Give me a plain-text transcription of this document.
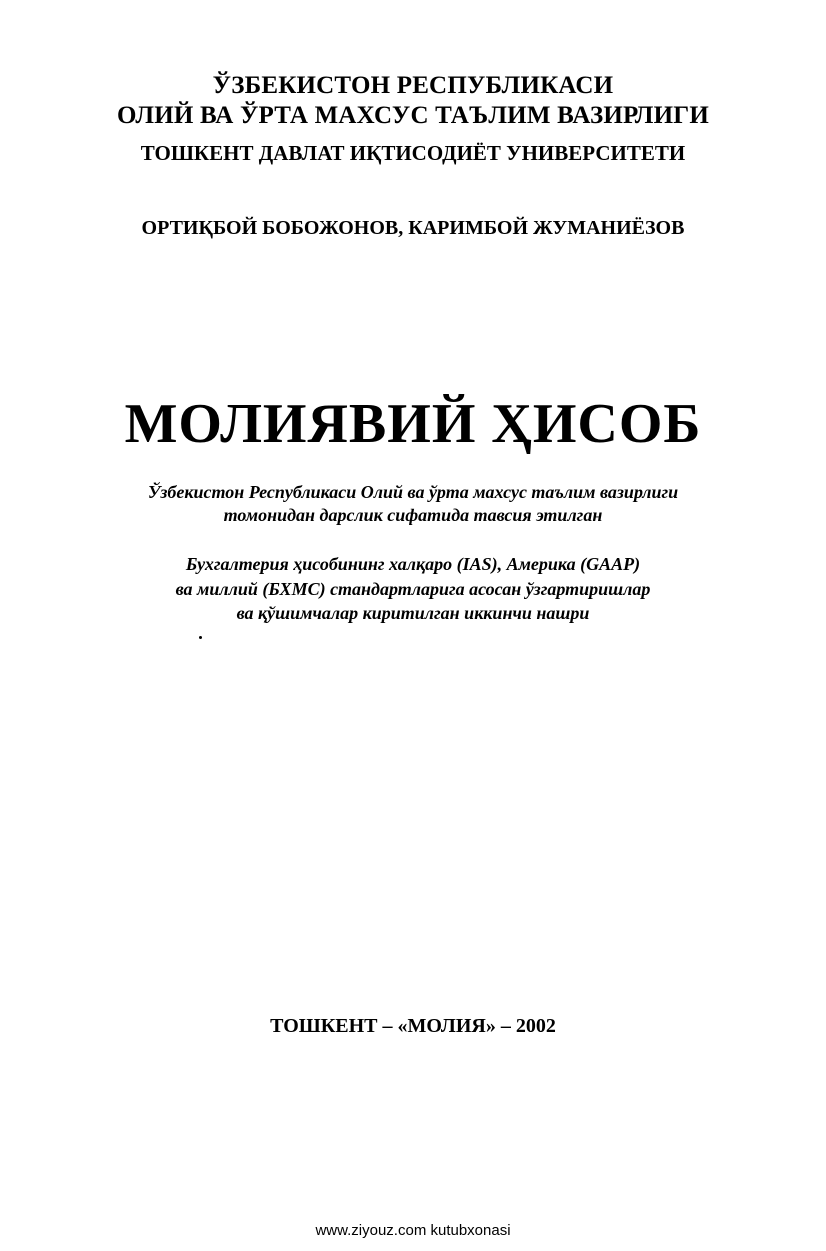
ЎЗБЕКИСТОН РЕСПУБЛИКАСИ
ОЛИЙ ВА ЎРТА МАХСУС ТАЪЛИМ ВАЗИРЛИГИ
ТОШКЕНТ ДАВЛАТ ИҚТИСОДИЁТ УНИВЕРСИТЕТИ
ОРТИҚБОЙ БОБОЖОНОВ, КАРИМБОЙ ЖУМАНИЁЗОВ
МОЛИЯВИЙ ҲИСОБ
Ўзбекистон Республикаси Олий ва ўрта махсус таълим вазирлиги
томонидан дарслик сифатида тавсия этилган
Бухгалтерия ҳисобининг халқаро (IAS), Америка (GAAP)
ва миллий (БХМС) стандартларига асосан ўзгартиришлар
ва қўшимчалар киритилган иккинчи нашри
ТОШКЕНТ – «МОЛИЯ» – 2002
www.ziyouz.com kutubxonasi
